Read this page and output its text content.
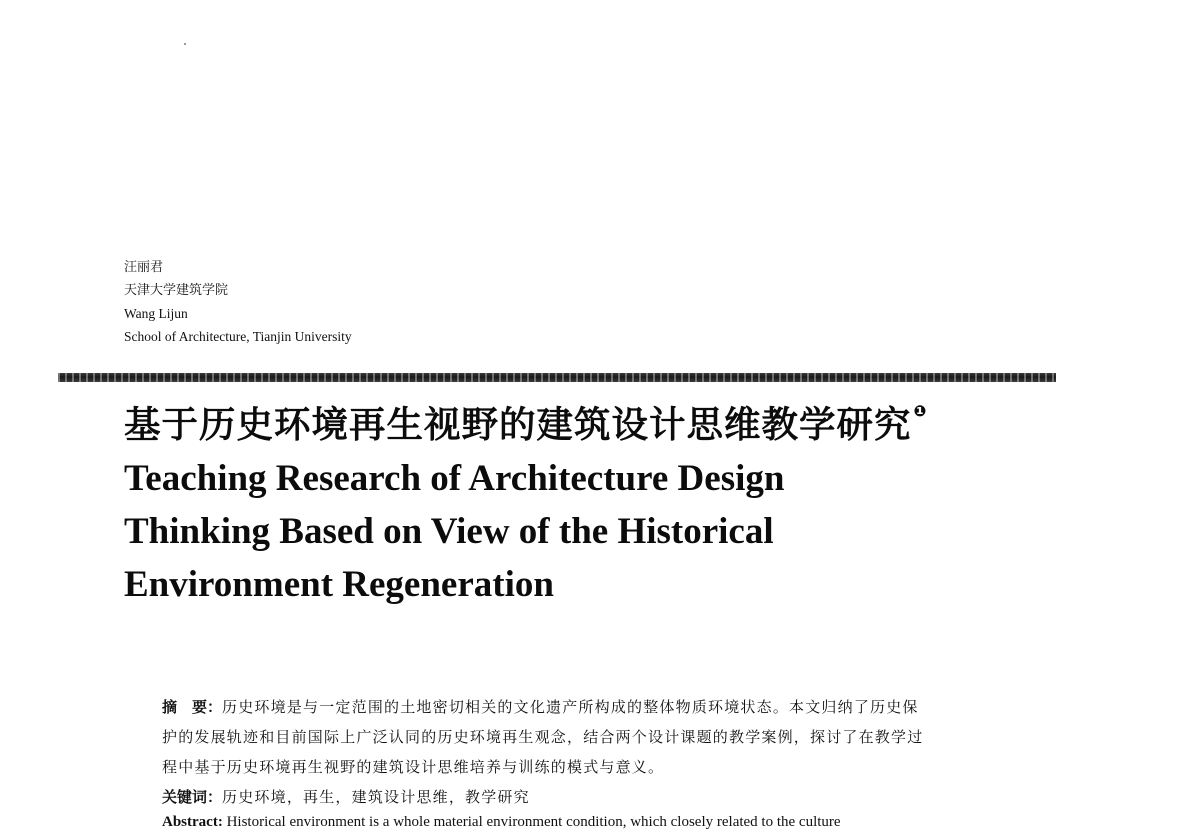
汪丽君
天津大学建筑学院
Wang Lijun
School of Architecture, Tianjin University
基于历史环境再生视野的建筑设计思维教学研究 $^❶$
Teaching Research of Architecture Design
Thinking Based on View of the Historical
Environment Regeneration
摘　要：历史环境是与一定范围的土地密切相关的文化遗产所构成的整体物质环境状态。本文归纳了历史保
护的发展轨迹和目前国际上广泛认同的历史环境再生观念，结合两个设计课题的教学案例，探讨了在教学过
程中基于历史环境再生视野的建筑设计思维培养与训练的模式与意义。
关键词：历史环境，再生，建筑设计思维，教学研究
Abstract: Historical environment is a whole material environment condition, which closely related to the culture
